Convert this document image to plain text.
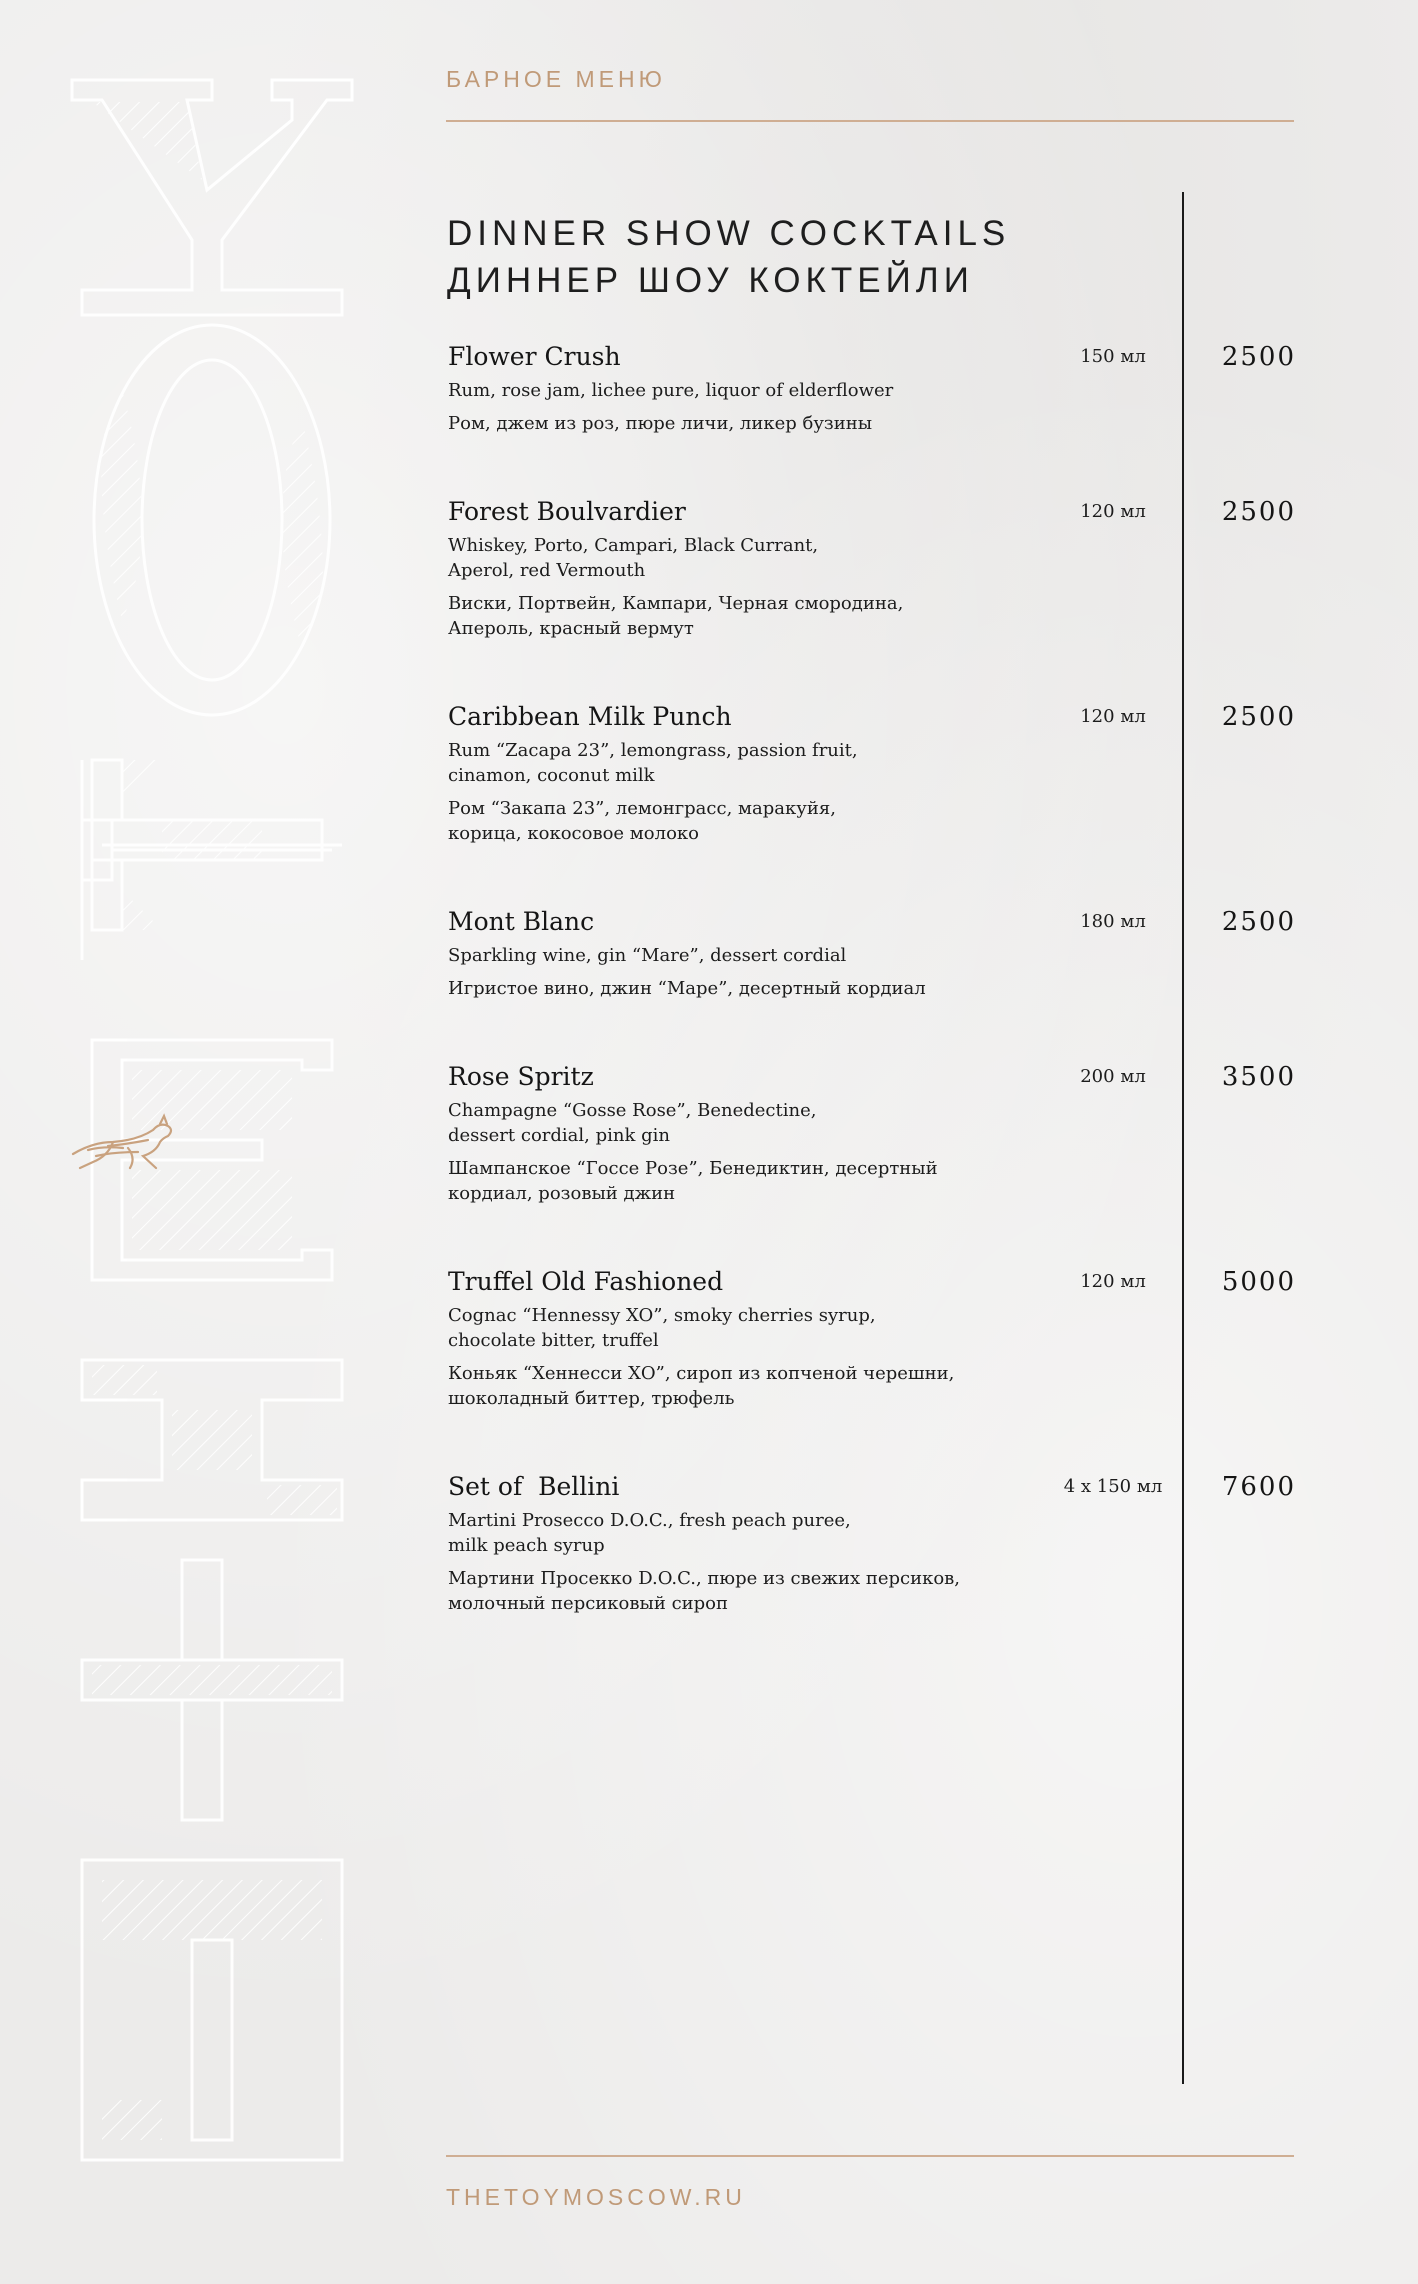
БАРНОЕ МЕНЮ
DINNER SHOW COCKTAILS
ДИННЕР ШОУ КОКТЕЙЛИ
Flower Crush	150 мл	2500
Rum, rose jam, lichee pure, liquor of elderflower
Ром, джем из роз, пюре личи, ликер бузины
Forest Boulvardier	120 мл	2500
Whiskey, Porto, Campari, Black Currant, Aperol, red Vermouth
Виски, Портвейн, Кампари, Черная смородина, Апероль, красный вермут
Caribbean Milk Punch	120 мл	2500
Rum “Zacapa 23”, lemongrass, passion fruit, cinamon, coconut milk
Ром “Закапа 23”, лемонграсс, маракуйя, корица, кокосовое молоко
Mont Blanc	180 мл	2500
Sparkling wine, gin “Mare”, dessert cordial
Игристое вино, джин “Маре”, десертный кордиал
Rose Spritz	200 мл	3500
Champagne “Gosse Rose”, Benedectine, dessert cordial, pink gin
Шампанское “Госсе Розе”, Бенедиктин, десертный кордиал, розовый джин
Truffel Old Fashioned	120 мл	5000
Cognac “Hennessy XO”, smoky cherries syrup, chocolate bitter, truffel
Коньяк “Хеннесси ХО”, сироп из копченой черешни, шоколадный биттер, трюфель
Set of  Bellini	4 x 150 мл	7600
Martini Prosecco D.O.C., fresh peach puree, milk peach syrup
Мартини Просекко D.O.C., пюре из свежих персиков, молочный персиковый сироп
THETOYMOSCOW.RU
